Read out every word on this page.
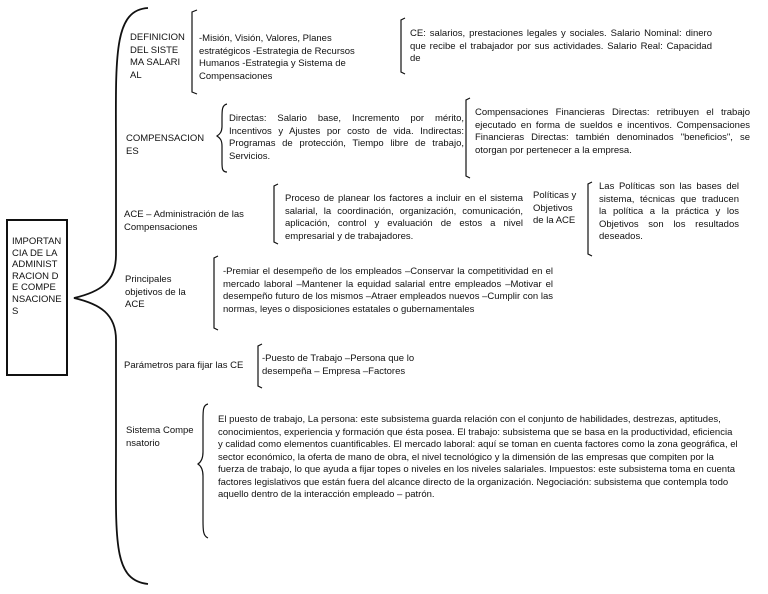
IMPORTANCIA DE LA ADMINISTRACION DE COMPENSACIONES
DEFINICION DEL SISTEMA SALARIAL
-Misión, Visión, Valores, Planes estratégicos -Estrategia de Recursos Humanos -Estrategia y Sistema de Compensaciones
CE: salarios, prestaciones legales y sociales. Salario Nominal: dinero que recibe el trabajador por sus actividades. Salario Real: Capacidad de
COMPENSACIONES
Directas: Salario base, Incremento por mérito, Incentivos y Ajustes por costo de vida. Indirectas: Programas de protección, Tiempo libre de trabajo, Servicios.
Compensaciones Financieras Directas: retribuyen el trabajo ejecutado en forma de sueldos e incentivos. Compensaciones Financieras Directas: también denominados "beneficios", se otorgan por pertenecer a la empresa.
ACE – Administración de las Compensaciones
Proceso de planear los factores a incluir en el sistema salarial, la coordinación, organización, comunicación, aplicación, control y evaluación de estos a nivel empresarial y de trabajadores.
Políticas y Objetivos de la ACE
Las Políticas son las bases del sistema, técnicas que traducen la política a la práctica y los Objetivos son los resultados deseados.
Principales objetivos de la ACE
-Premiar el desempeño de los empleados –Conservar la competitividad en el mercado laboral –Mantener la equidad salarial entre empleados –Motivar el desempeño futuro de los mismos –Atraer empleados nuevos –Cumplir con las normas, leyes o disposiciones estatales o gubernamentales
Parámetros para fijar las CE
-Puesto de Trabajo –Persona que lo desempeña – Empresa –Factores
Sistema Compensatorio
El puesto de trabajo, La persona: este subsistema guarda relación con el conjunto de habilidades, destrezas, aptitudes, conocimientos, experiencia y formación que ésta posea. El trabajo: subsistema que se basa en la productividad, eficiencia y calidad como elementos cuantificables. El mercado laboral: aquí se toman en cuenta factores como la zona geográfica, el sector económico, la oferta de mano de obra, el nivel tecnológico y la dimensión de las empresas que compiten por la fuerza de trabajo, lo que ayuda a fijar topes o niveles en los niveles salariales. Impuestos: este subsistema toma en cuenta factores legislativos que están fuera del alcance directo de la organización. Negociación: subsistema que contempla todo aquello dentro de la interacción empleado – patrón.
